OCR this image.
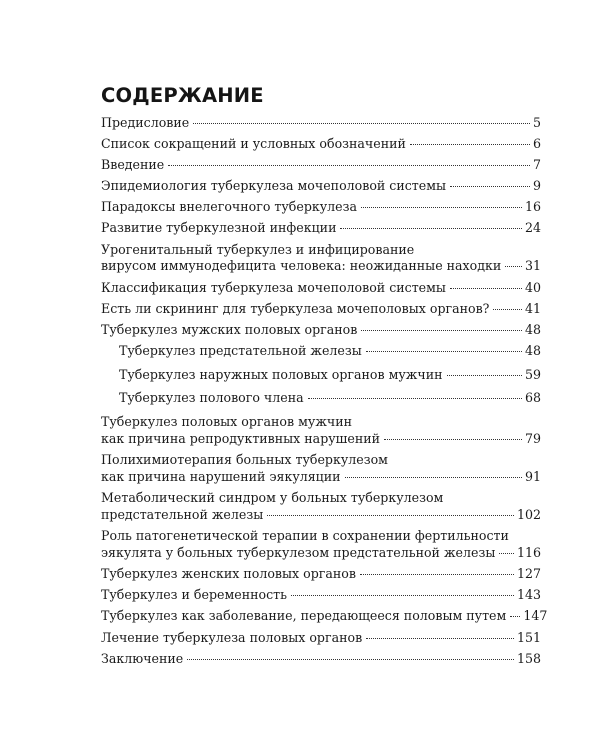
СОДЕРЖАНИЕ
Предисловие	5
Список сокращений и условных обозначений	6
Введение	7
Эпидемиология туберкулеза мочеполовой системы	9
Парадоксы внелегочного туберкулеза	16
Развитие туберкулезной инфекции	24
Урогенитальный туберкулез и инфицирование
вирусом иммунодефицита человека: неожиданные находки 31
Классификация туберкулеза мочеполовой системы	40
Есть ли скрининг для туберкулеза мочеполовых органов?	41
Туберкулез мужских половых органов	48
Туберкулез предстательной железы	48
Туберкулез наружных половых органов мужчин	59
Туберкулез полового члена	68
Туберкулез половых органов мужчин
как причина репродуктивных нарушений	79
Полихимиотерапия больных туберкулезом
как причина нарушений эякуляции	91
Метаболический синдром у больных туберкулезом
предстательной железы	102
Роль патогенетической терапии в сохранении фертильности
эякулята у больных туберкулезом предстательной железы 116
Туберкулез женских половых органов	127
Туберкулез и беременность	143
Туберкулез как заболевание, передающееся половым путем 147
Лечение туберкулеза половых органов	151
Заключение	158
